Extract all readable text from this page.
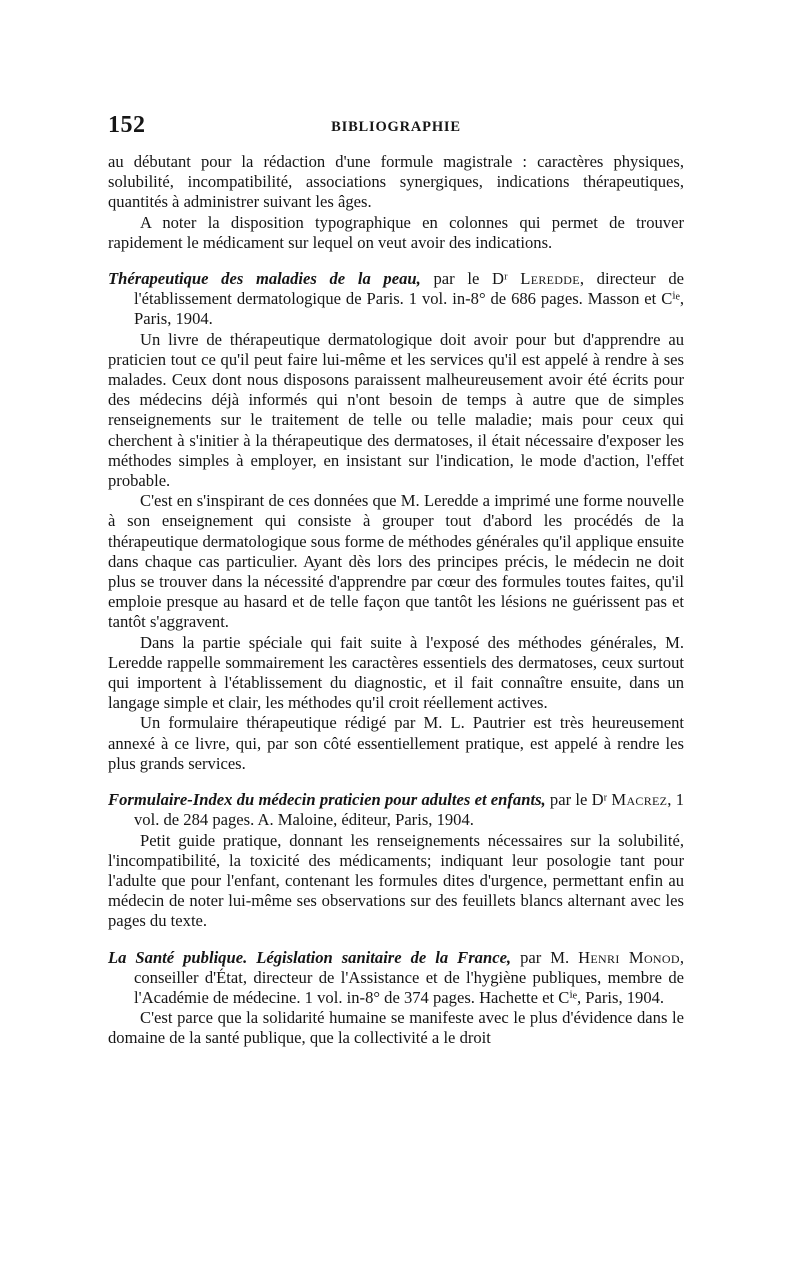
152	BIBLIOGRAPHIE

au débutant pour la rédaction d'une formule magistrale : caractères physiques, solubilité, incompatibilité, associations synergiques, indications thérapeutiques, quantités à administrer suivant les âges.

A noter la disposition typographique en colonnes qui permet de trouver rapidement le médicament sur lequel on veut avoir des indications.

Thérapeutique des maladies de la peau, par le Dʳ Leredde, directeur de l'établissement dermatologique de Paris. 1 vol. in-8° de 686 pages. Masson et Cⁱᵉ, Paris, 1904.

Un livre de thérapeutique dermatologique doit avoir pour but d'apprendre au praticien tout ce qu'il peut faire lui-même et les services qu'il est appelé à rendre à ses malades. Ceux dont nous disposons paraissent malheureusement avoir été écrits pour des médecins déjà informés qui n'ont besoin de temps à autre que de simples renseignements sur le traitement de telle ou telle maladie; mais pour ceux qui cherchent à s'initier à la thérapeutique des dermatoses, il était nécessaire d'exposer les méthodes simples à employer, en insistant sur l'indication, le mode d'action, l'effet probable.

C'est en s'inspirant de ces données que M. Leredde a imprimé une forme nouvelle à son enseignement qui consiste à grouper tout d'abord les procédés de la thérapeutique dermatologique sous forme de méthodes générales qu'il applique ensuite dans chaque cas particulier. Ayant dès lors des principes précis, le médecin ne doit plus se trouver dans la nécessité d'apprendre par cœur des formules toutes faites, qu'il emploie presque au hasard et de telle façon que tantôt les lésions ne guérissent pas et tantôt s'aggravent.

Dans la partie spéciale qui fait suite à l'exposé des méthodes générales, M. Leredde rappelle sommairement les caractères essentiels des dermatoses, ceux surtout qui importent à l'établissement du diagnostic, et il fait connaître ensuite, dans un langage simple et clair, les méthodes qu'il croit réellement actives.

Un formulaire thérapeutique rédigé par M. L. Pautrier est très heureusement annexé à ce livre, qui, par son côté essentiellement pratique, est appelé à rendre les plus grands services.

Formulaire-Index du médecin praticien pour adultes et enfants, par le Dʳ Macrez, 1 vol. de 284 pages. A. Maloine, éditeur, Paris, 1904.

Petit guide pratique, donnant les renseignements nécessaires sur la solubilité, l'incompatibilité, la toxicité des médicaments; indiquant leur posologie tant pour l'adulte que pour l'enfant, contenant les formules dites d'urgence, permettant enfin au médecin de noter lui-même ses observations sur des feuillets blancs alternant avec les pages du texte.

La Santé publique. Législation sanitaire de la France, par M. Henri Monod, conseiller d'État, directeur de l'Assistance et de l'hygiène publiques, membre de l'Académie de médecine. 1 vol. in-8° de 374 pages. Hachette et Cⁱᵉ, Paris, 1904.

C'est parce que la solidarité humaine se manifeste avec le plus d'évidence dans le domaine de la santé publique, que la collectivité a le droit
